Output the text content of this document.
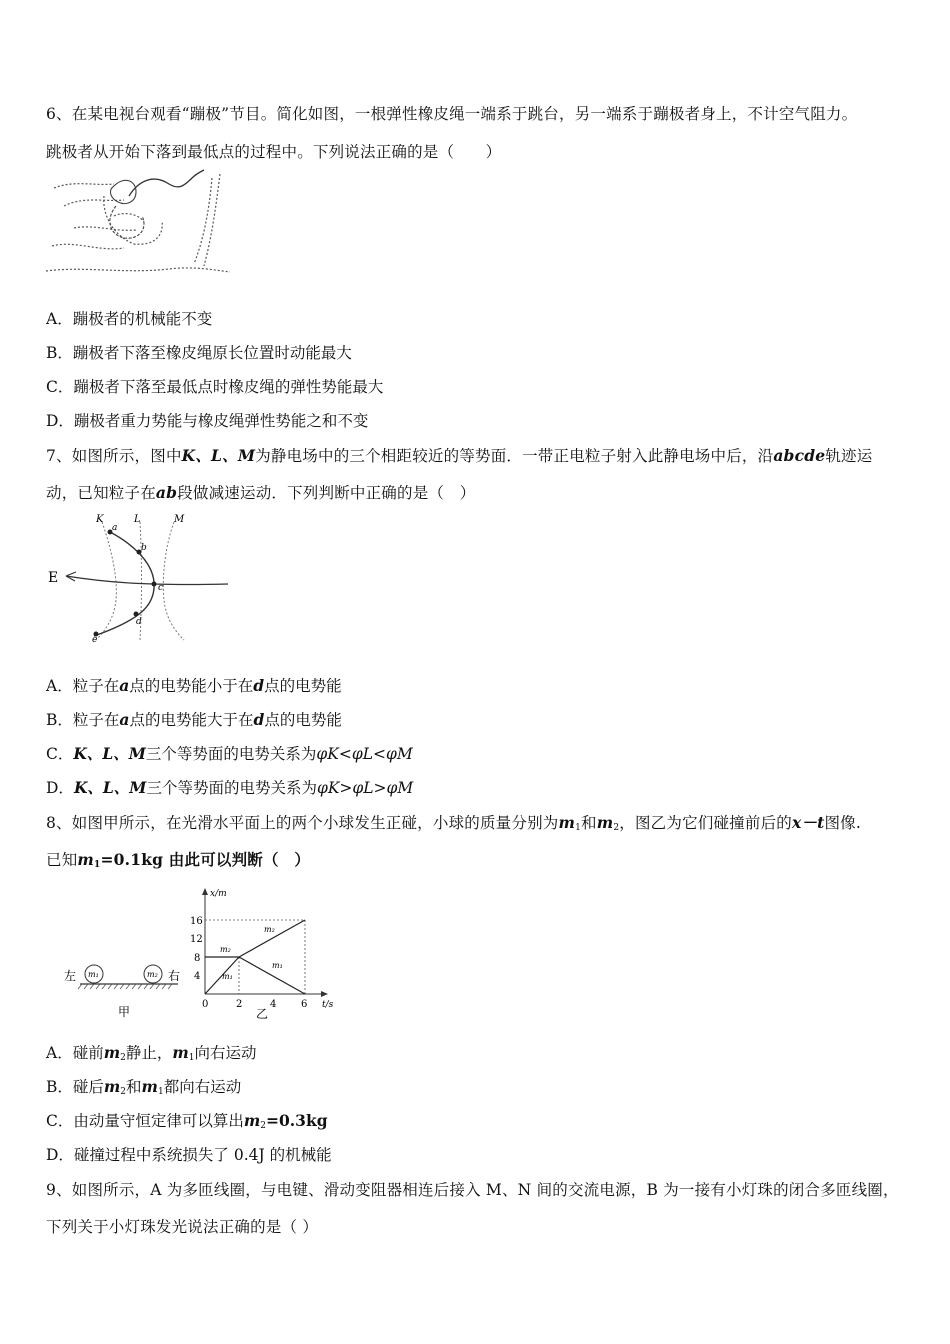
6、在某电视台观看“蹦极”节目。简化如图，一根弹性橡皮绳一端系于跳台，另一端系于蹦极者身上，不计空气阻力。
跳极者从开始下落到最低点的过程中。下列说法正确的是（　　）
A．蹦极者的机械能不变
B．蹦极者下落至橡皮绳原长位置时动能最大
C．蹦极者下落至最低点时橡皮绳的弹性势能最大
D．蹦极者重力势能与橡皮绳弹性势能之和不变
7、如图所示，图中K、L、M为静电场中的三个相距较近的等势面．一带正电粒子射入此静电场中后，沿abcde轨迹运
动，已知粒子在ab段做减速运动．下列判断中正确的是（　）
E
K	L	M
a
b
c
d
e
A．粒子在a点的电势能小于在d点的电势能
B．粒子在a点的电势能大于在d点的电势能
C．K、L、M三个等势面的电势关系为φK<φL<φM
D．K、L、M三个等势面的电势关系为φK>φL>φM
8、如图甲所示，在光滑水平面上的两个小球发生正碰，小球的质量分别为m1和m2，图乙为它们碰撞前后的x－t图像.
已知m1=0.1kg 由此可以判断（　）
左 m₁	m₂ 右
甲
x/m
t/s
16
12
8
4
0	2	4 6
m₂
m₁
m₂
m₁
乙
A．碰前m2静止，m1向右运动
B．碰后m2和m1都向右运动
C．由动量守恒定律可以算出m2=0.3kg
D．碰撞过程中系统损失了 0.4J 的机械能
9、如图所示，A 为多匝线圈，与电键、滑动变阻器相连后接入 M、N 间的交流电源，B 为一接有小灯珠的闭合多匝线圈，
下列关于小灯珠发光说法正确的是（ ）
